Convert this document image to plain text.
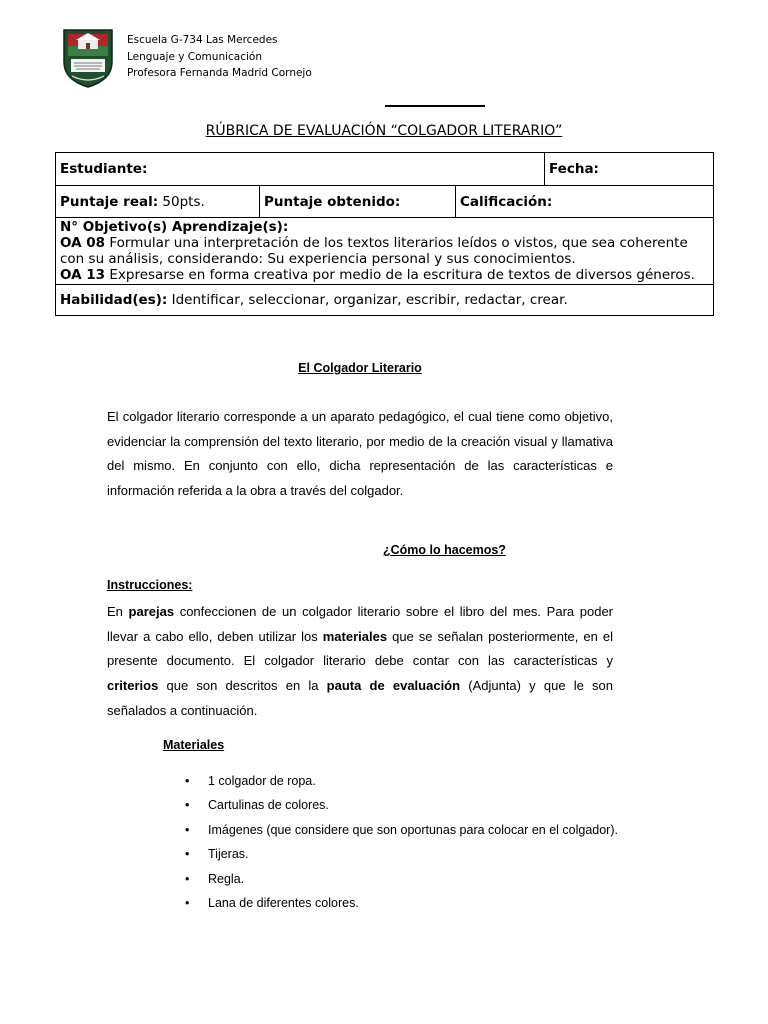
Escuela G-734 Las Mercedes
Lenguaje y Comunicación
Profesora Fernanda Madrid Cornejo
RÚBRICA DE EVALUACIÓN “COLGADOR LITERARIO”
Estudiante:			Fecha:
Puntaje real: 50pts.	Puntaje obtenido:	Calificación:	

N° Objetivo(s) Aprendizaje(s):
OA 08 Formular una interpretación de los textos literarios leídos o vistos, que sea coherente con su análisis, considerando: Su experiencia personal y sus conocimientos.
OA 13 Expresarse en forma creativa por medio de la escritura de textos de diversos géneros.			

Habilidad(es): Identificar, seleccionar, organizar, escribir, redactar, crear.			
El Colgador Literario
El colgador literario corresponde a un aparato pedagógico, el cual tiene como objetivo, evidenciar la comprensión del texto literario, por medio de la creación visual y llamativa del mismo. En conjunto con ello, dicha representación de las características e información referida a la obra a través del colgador.
¿Cómo lo hacemos?
Instrucciones:
En parejas confeccionen de un colgador literario sobre el libro del mes. Para poder llevar a cabo ello, deben utilizar los materiales que se señalan posteriormente, en el presente documento. El colgador literario debe contar con las características y criterios que son descritos en la pauta de evaluación (Adjunta) y que le son señalados a continuación.
Materiales
• 1 colgador de ropa.
• Cartulinas de colores.
• Imágenes (que considere que son oportunas para colocar en el colgador).
• Tijeras.
• Regla.
• Lana de diferentes colores.
